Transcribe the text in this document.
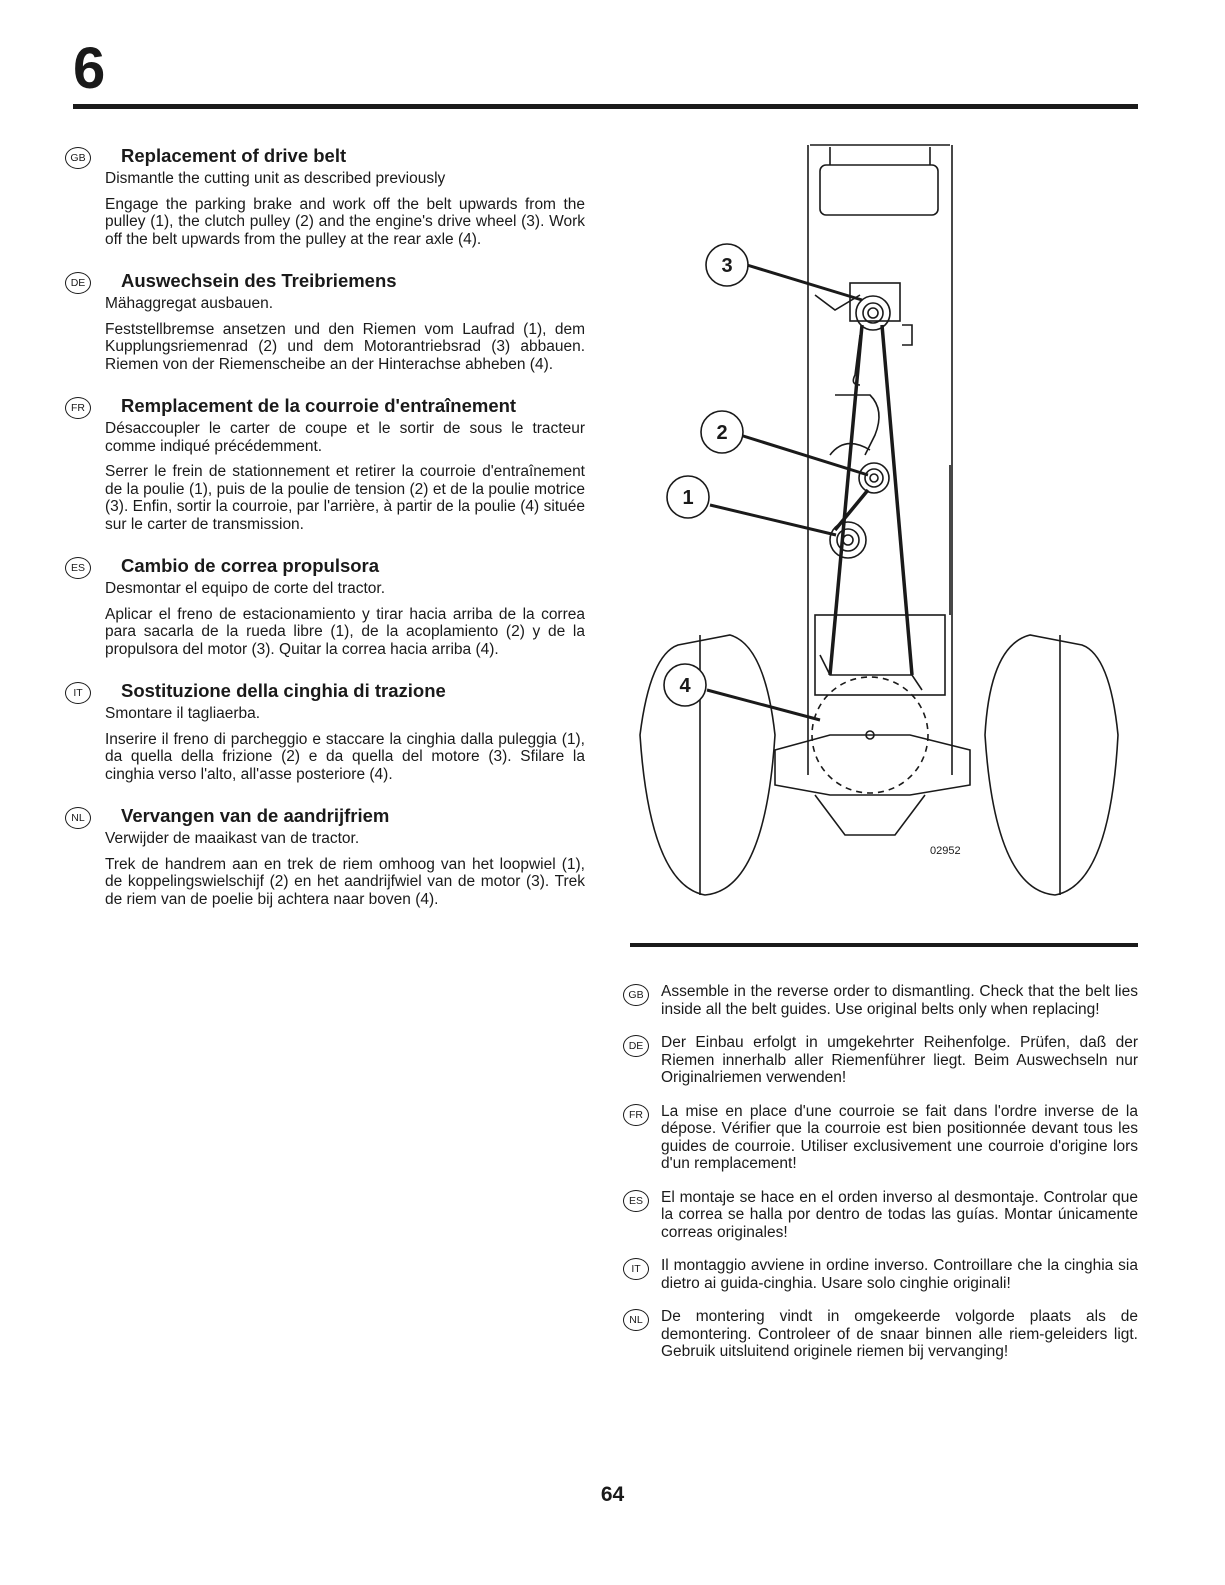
6
GB Replacement of drive belt

Dismantle the cutting unit as described previously

Engage the parking brake and work off the belt upwards from the pulley (1), the clutch pulley (2) and the engine's drive wheel (3). Work off the belt upwards from the pulley at the rear axle (4).

DE	Auswechsein des Treibriemens

Mähaggregat ausbauen.

Feststellbremse ansetzen und den Riemen vom Laufrad (1), dem Kupplungsriemenrad (2) und dem Motorantriebsrad (3) abbauen. Riemen von der Riemenscheibe an der Hinterachse abheben (4).

FR	Remplacement de la courroie d'entraînement

Désaccoupler le carter de coupe et le sortir de sous le tracteur comme indiqué précédemment.

Serrer le frein de stationnement et retirer la courroie d'entraînement de la poulie (1), puis de la poulie de tension (2) et de la poulie motrice (3). Enfin, sortir la courroie, par l'arrière, à partir de la poulie (4) située sur le carter de transmission.

ES	Cambio de correa propulsora

Desmontar el equipo de corte del tractor.

Aplicar el freno de estacionamiento y tirar hacia arriba de la correa para sacarla de la rueda libre (1), de la acoplamiento (2) y de la propulsora del motor (3). Quitar la correa hacia arriba (4).

IT	Sostituzione della cinghia di trazione

Smontare il tagliaerba.

Inserire il freno di parcheggio e staccare la cinghia dalla puleggia (1), da quella della frizione (2) e da quella del motore (3). Sfilare la cinghia verso l'alto, all'asse posteriore (4).

NL	Vervangen van de aandrijfriem

Verwijder de maaikast van de tractor.

Trek de handrem aan en trek de riem omhoog van het loopwiel (1), de koppelingswielschijf (2) en het aandrijfwiel van de motor (3). Trek de riem van de poelie bij achtera naar boven (4).

3
2
1
4
02952
GB	Assemble in the reverse order to dismantling. Check that the belt lies inside all the belt guides. Use original belts only when replacing!

DE	Der Einbau erfolgt in umgekehrter Reihenfolge. Prüfen, daß der Riemen innerhalb aller Riemenführer liegt. Beim Auswechseln nur Originalriemen verwenden!

FR	La mise en place d'une courroie se fait dans l'ordre inverse de la dépose. Vérifier que la courroie est bien positionnée devant tous les guides de courroie. Utiliser exclusivement une courroie d'origine lors d'un remplacement!

ES	El montaje se hace en el orden inverso al desmontaje. Controlar que la correa se halla por dentro de todas las guías. Montar únicamente correas originales!

IT	Il montaggio avviene in ordine inverso. Controillare che la cinghia sia dietro ai guida-cinghia. Usare solo cinghie originali!

NL	De montering vindt in omgekeerde volgorde plaats als de demontering. Controleer of de snaar binnen alle riem-geleiders ligt. Gebruik uitsluitend originele riemen bij vervanging!

64
